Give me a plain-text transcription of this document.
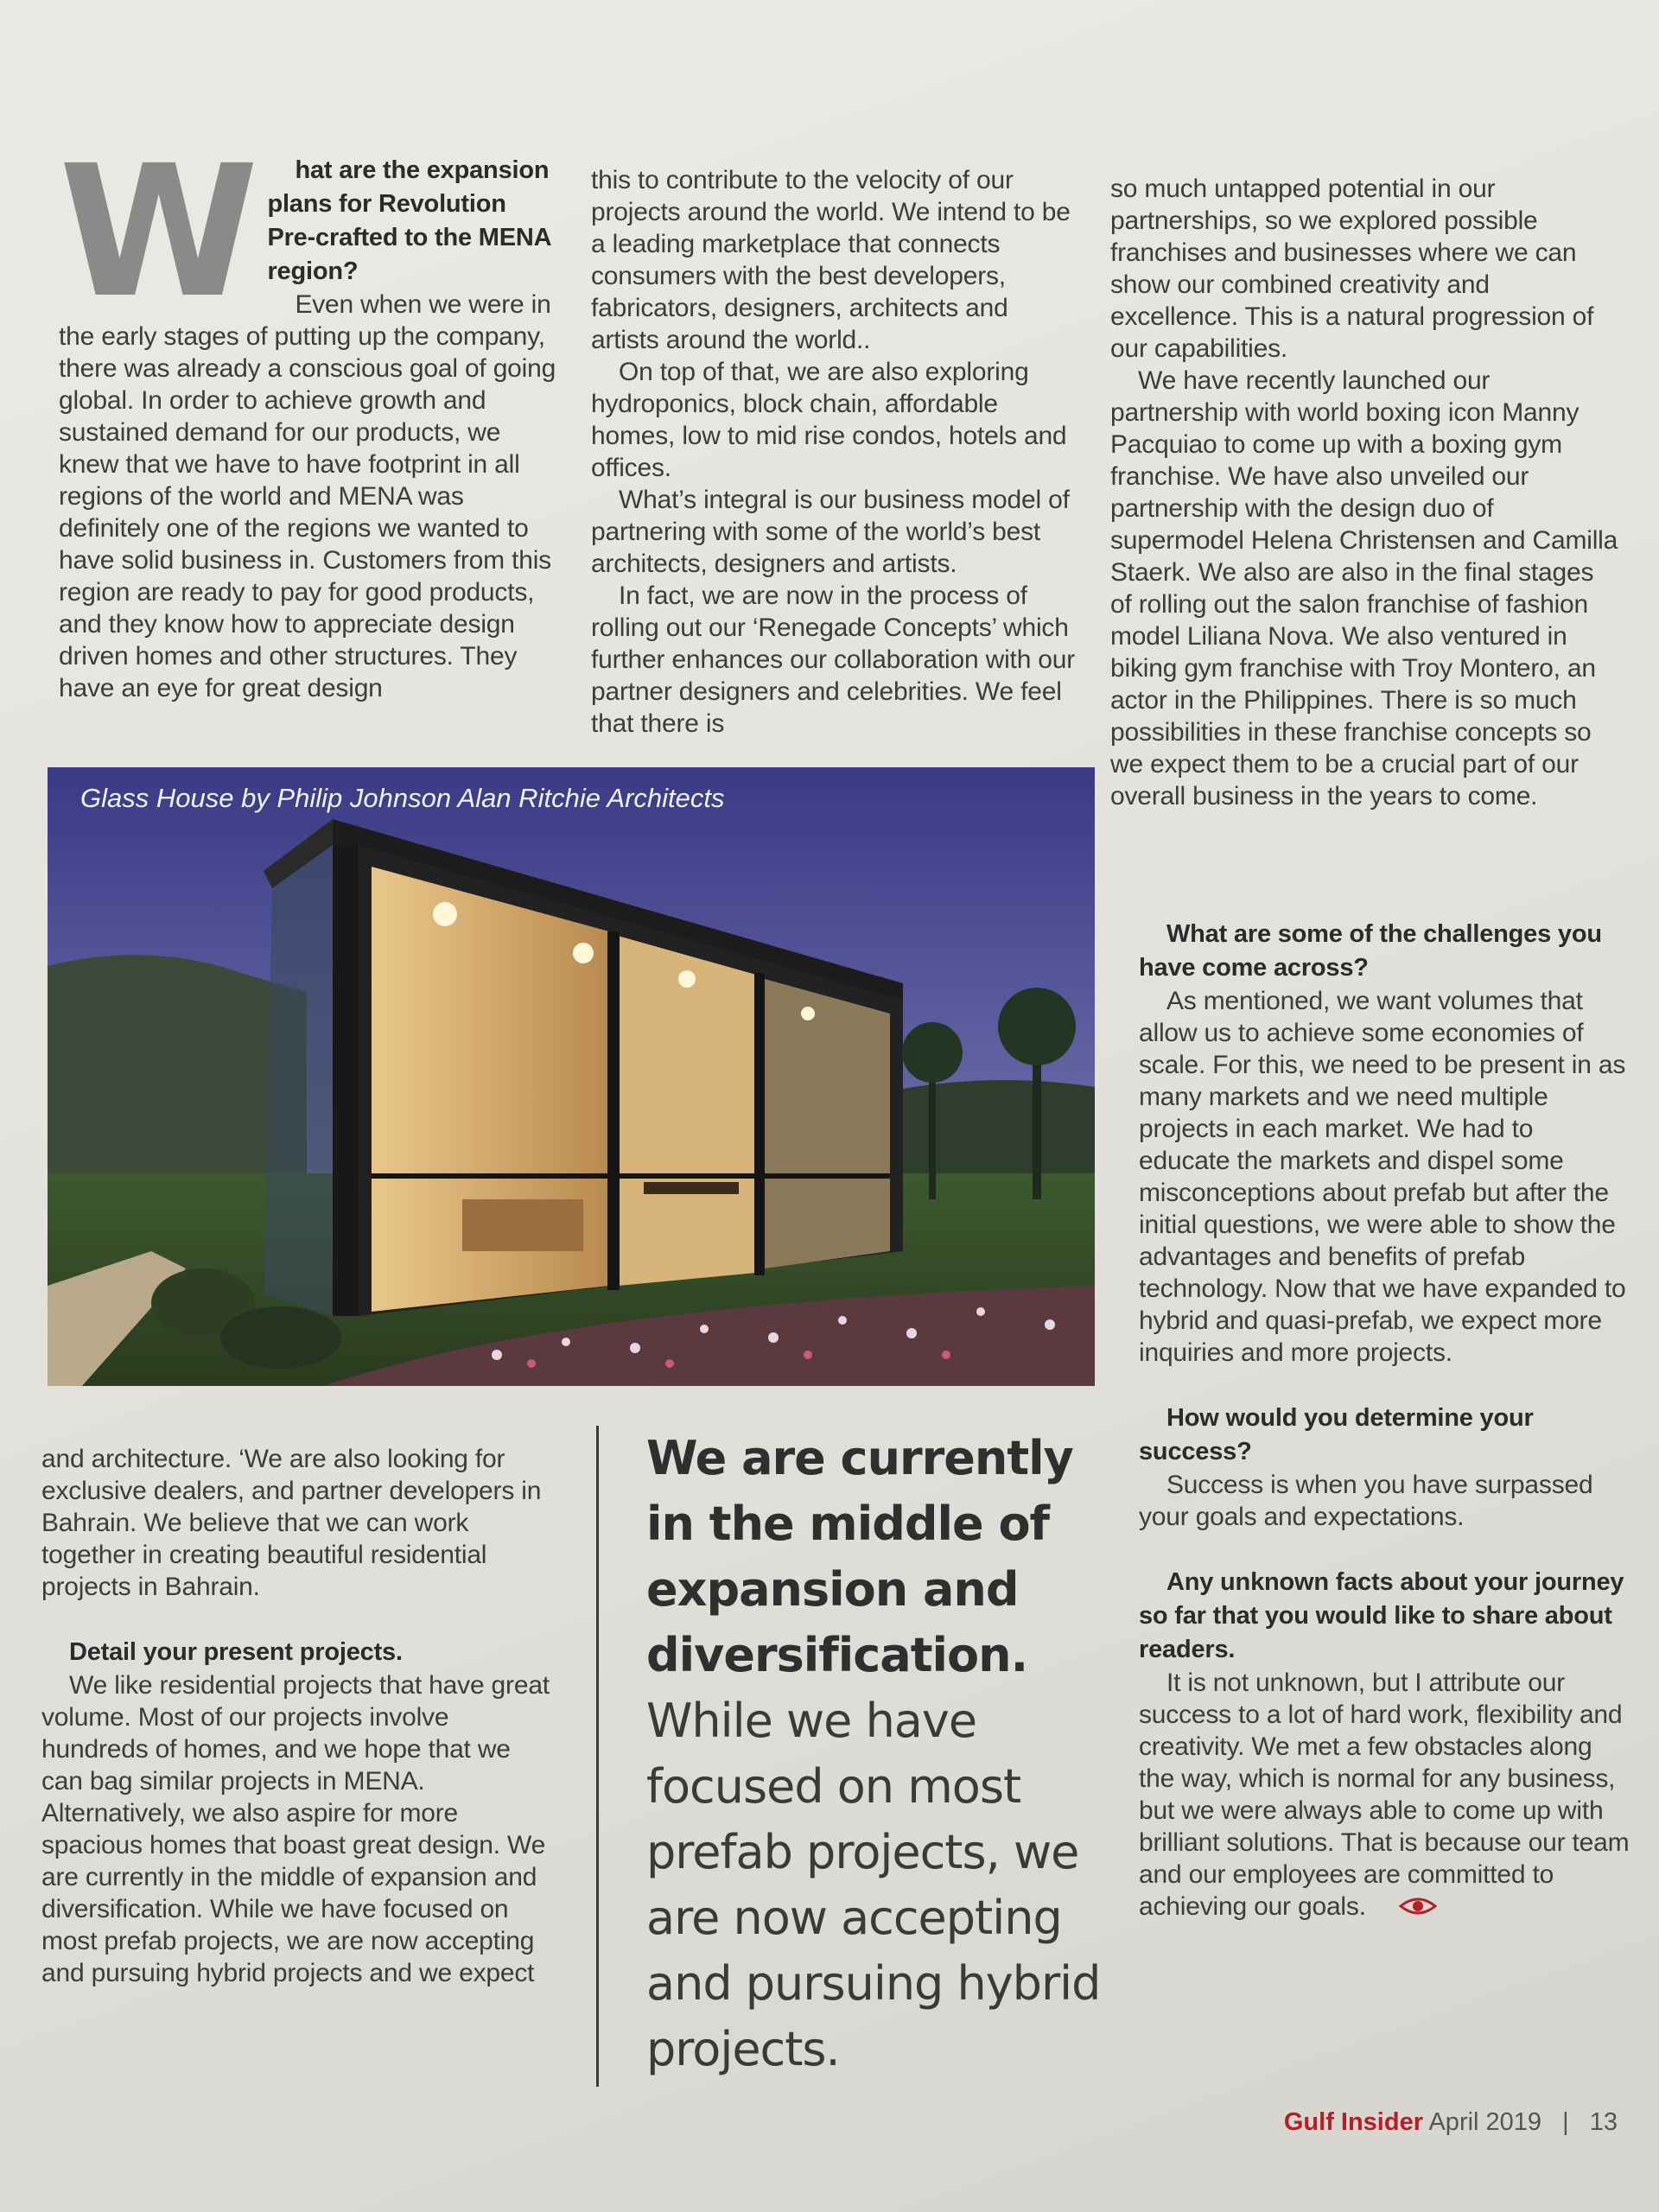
W	hat are the expansion plans for Revolution Pre-crafted to the MENA region?

Even when we were in the early stages of putting up the company, there was already a conscious goal of going global. In order to achieve growth and sustained demand for our products, we knew that we have to have footprint in all regions of the world and MENA was definitely one of the regions we wanted to have solid business in. Customers from this region are ready to pay for good products, and they know how to appreciate design driven homes and other structures. They have an eye for great design

this to contribute to the velocity of our projects around the world. We intend to be a leading marketplace that connects consumers with the best developers, fabricators, designers, architects and artists around the world..

On top of that, we are also exploring hydroponics, block chain, affordable homes, low to mid rise condos, hotels and offices.

What’s integral is our business model of partnering with some of the world’s best architects, designers and artists.

In fact, we are now in the process of rolling out our ‘Renegade Concepts’ which further enhances our collaboration with our partner designers and celebrities. We feel that there is

so much untapped potential in our partnerships, so we explored possible franchises and businesses where we can show our combined creativity and excellence. This is a natural progression of our capabilities.

We have recently launched our partnership with world boxing icon Manny Pacquiao to come up with a boxing gym franchise. We have also unveiled our partnership with the design duo of supermodel Helena Christensen and Camilla Staerk. We also are also in the final stages of rolling out the salon franchise of fashion model Liliana Nova. We also ventured in biking gym franchise with Troy Montero, an actor in the Philippines. There is so much possibilities in these franchise concepts so we expect them to be a crucial part of our overall business in the years to come.

Glass House by Philip Johnson Alan Ritchie Architects

and architecture. ‘We are also looking for exclusive dealers, and partner developers in Bahrain. We believe that we can work together in creating beautiful residential projects in Bahrain.

Detail your present projects.

We like residential projects that have great volume. Most of our projects involve hundreds of homes, and we hope that we can bag similar projects in MENA. Alternatively, we also aspire for more spacious homes that boast great design. We are currently in the middle of expansion and diversification. While we have focused on most prefab projects, we are now accepting and pursuing hybrid projects and we expect

We are currently in the middle of expansion and diversification.

While we have focused on most prefab projects, we are now accepting and pursuing hybrid projects.

What are some of the challenges you have come across?

As mentioned, we want volumes that allow us to achieve some economies of scale. For this, we need to be present in as many markets and we need multiple projects in each market. We had to educate the markets and dispel some misconceptions about prefab but after the initial questions, we were able to show the advantages and benefits of prefab technology. Now that we have expanded to hybrid and quasi-prefab, we expect more inquiries and more projects.

How would you determine your success?

Success is when you have surpassed your goals and expectations.

Any unknown facts about your journey so far that you would like to share about readers.

It is not unknown, but I attribute our success to a lot of hard work, flexibility and creativity. We met a few obstacles along the way, which is normal for any business, but we were always able to come up with brilliant solutions. That is because our team and our employees are committed to achieving our goals.

Gulf Insider April 2019 | 13
